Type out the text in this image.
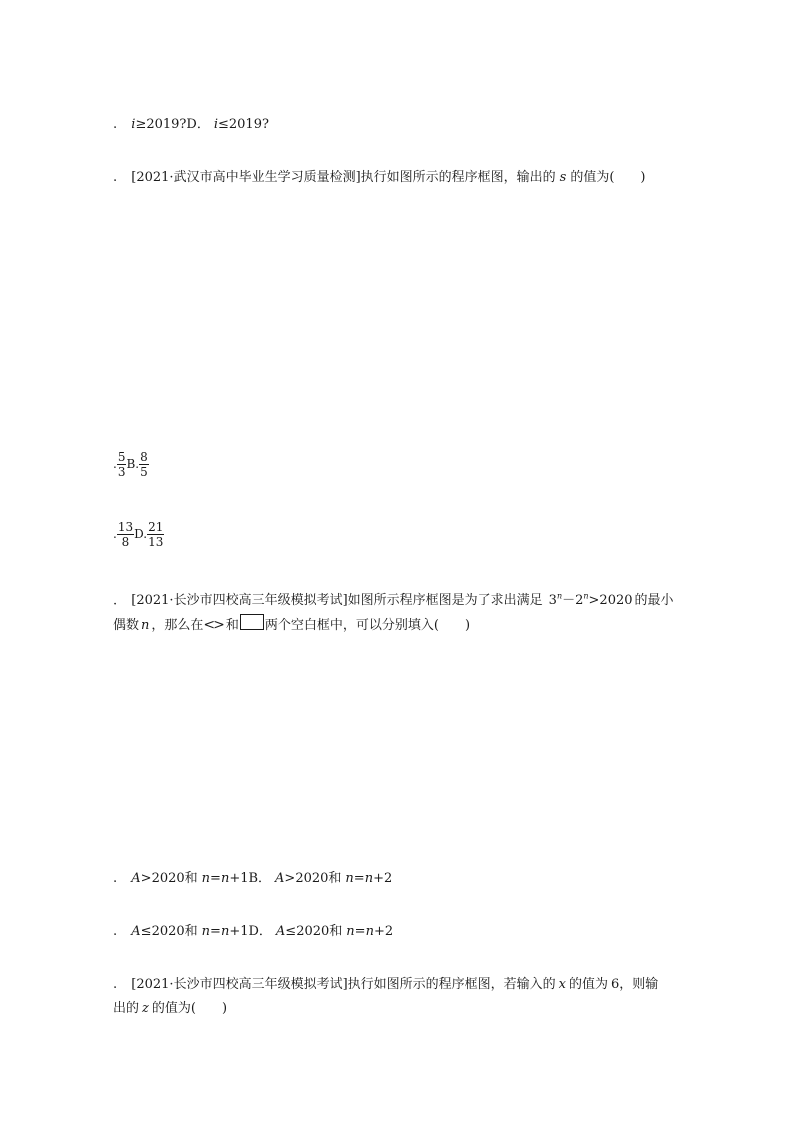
. i≥2019?D． i≤2019?
. [2021·武汉市高中毕业生学习质量检测]执行如图所示的程序框图，输出的 s 的值为(　　)
. $\frac{5}{3} B$. $\frac{8}{5}$
. $\frac{13}{8} D$. $\frac{21}{13}$
. [2021·长沙市四校高三年级模拟考试]如图所示程序框图是为了求出满足 $3^n-2^n>2020$ 的最小
偶数 n ，那么在<> 和 两个空白框中，可以分别填入(　　)
. A>2020和 n=n+1B． A>2020和 n=n+2
. A≤2020和 n=n+1D． A≤2020和 n=n+2
. [2021·长沙市四校高三年级模拟考试]执行如图所示的程序框图，若输入的 x 的值为 6，则输
出的 z 的值为(　　)
